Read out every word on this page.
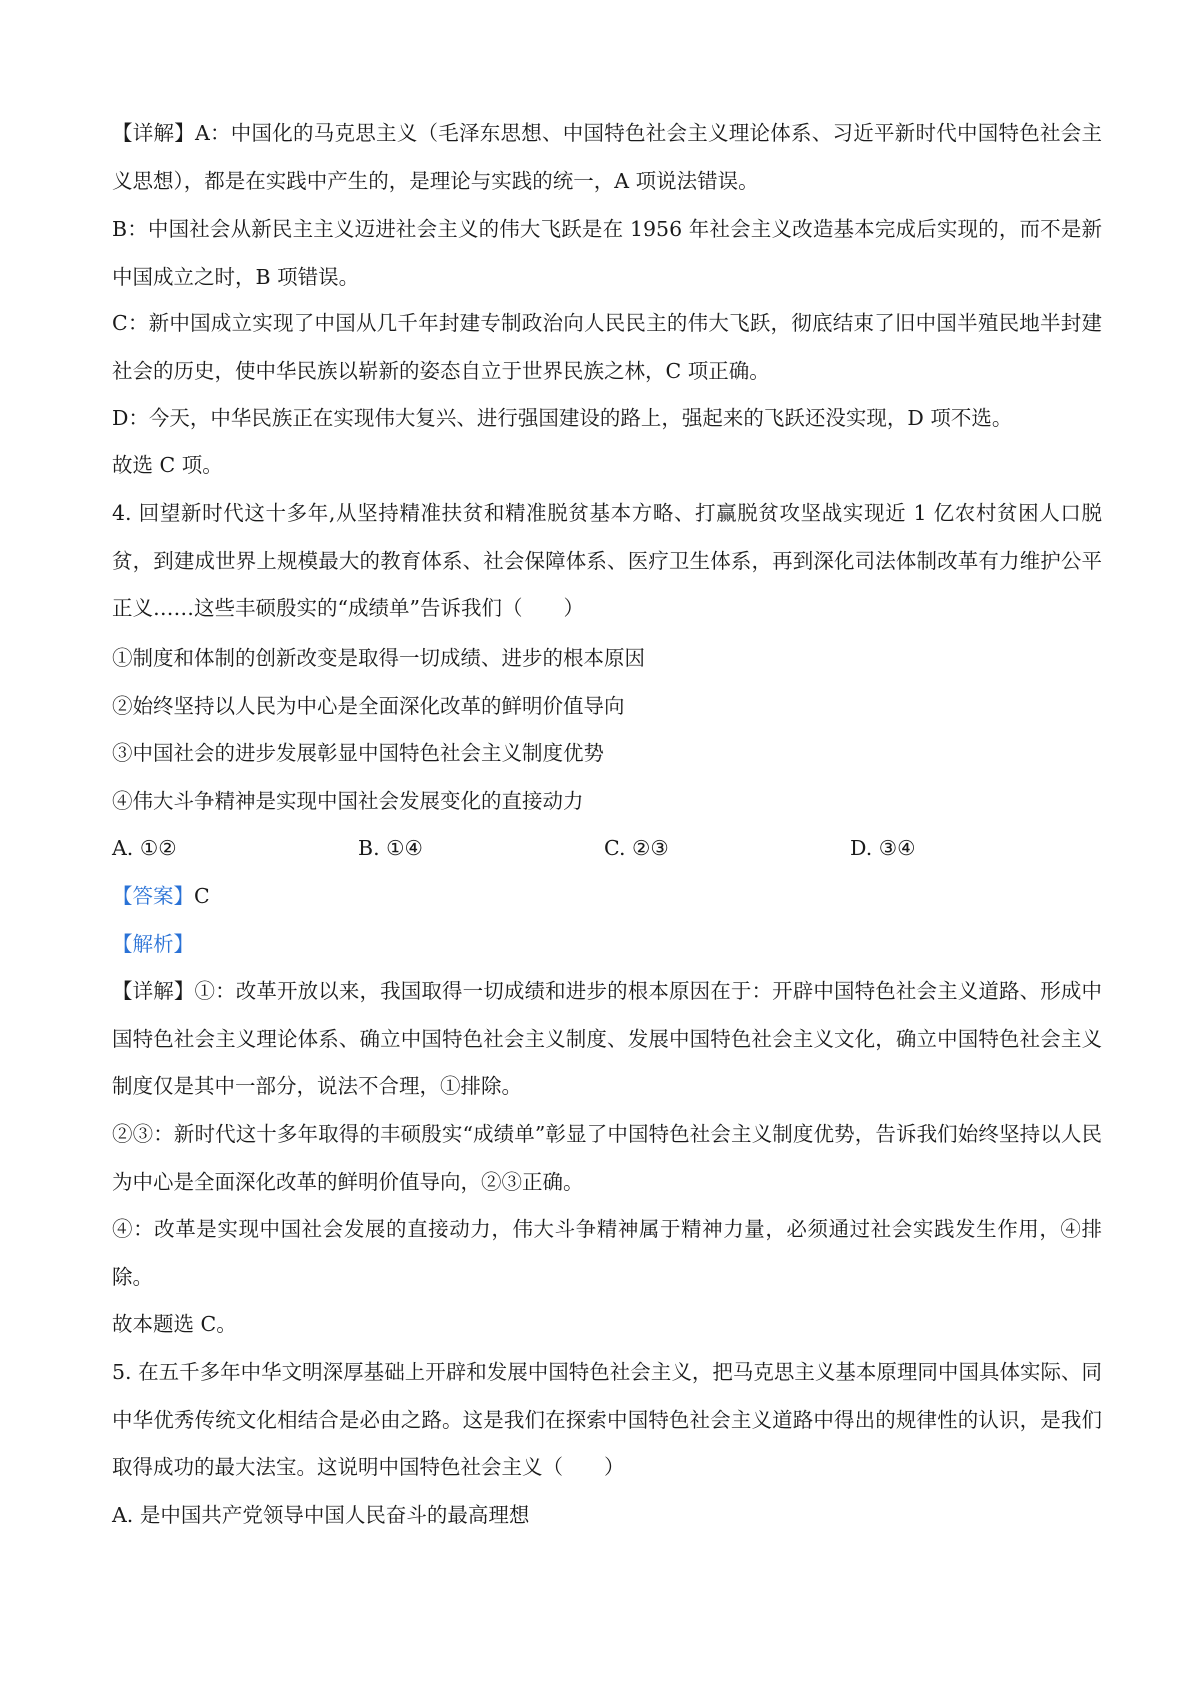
【详解】A：中国化的马克思主义（毛泽东思想、中国特色社会主义理论体系、习近平新时代中国特色社会主义思想），都是在实践中产生的，是理论与实践的统一，A 项说法错误。

B：中国社会从新民主主义迈进社会主义的伟大飞跃是在 1956 年社会主义改造基本完成后实现的，而不是新中国成立之时，B 项错误。

C：新中国成立实现了中国从几千年封建专制政治向人民民主的伟大飞跃，彻底结束了旧中国半殖民地半封建社会的历史，使中华民族以崭新的姿态自立于世界民族之林，C 项正确。

D：今天，中华民族正在实现伟大复兴、进行强国建设的路上，强起来的飞跃还没实现，D 项不选。

故选 C 项。

4. 回望新时代这十多年,从坚持精准扶贫和精准脱贫基本方略、打赢脱贫攻坚战实现近 1 亿农村贫困人口脱贫，到建成世界上规模最大的教育体系、社会保障体系、医疗卫生体系，再到深化司法体制改革有力维护公平正义……这些丰硕殷实的“成绩单”告诉我们（　　）

①制度和体制的创新改变是取得一切成绩、进步的根本原因

②始终坚持以人民为中心是全面深化改革的鲜明价值导向

③中国社会的进步发展彰显中国特色社会主义制度优势

④伟大斗争精神是实现中国社会发展变化的直接动力

A. ①②	B. ①④	C. ②③	D. ③④

【答案】C

【解析】

【详解】①：改革开放以来，我国取得一切成绩和进步的根本原因在于：开辟中国特色社会主义道路、形成中国特色社会主义理论体系、确立中国特色社会主义制度、发展中国特色社会主义文化，确立中国特色社会主义制度仅是其中一部分，说法不合理，①排除。

②③：新时代这十多年取得的丰硕殷实“成绩单”彰显了中国特色社会主义制度优势，告诉我们始终坚持以人民为中心是全面深化改革的鲜明价值导向，②③正确。

④：改革是实现中国社会发展的直接动力，伟大斗争精神属于精神力量，必须通过社会实践发生作用，④排除。

故本题选 C。

5. 在五千多年中华文明深厚基础上开辟和发展中国特色社会主义，把马克思主义基本原理同中国具体实际、同中华优秀传统文化相结合是必由之路。这是我们在探索中国特色社会主义道路中得出的规律性的认识，是我们取得成功的最大法宝。这说明中国特色社会主义（　　）

A. 是中国共产党领导中国人民奋斗的最高理想
